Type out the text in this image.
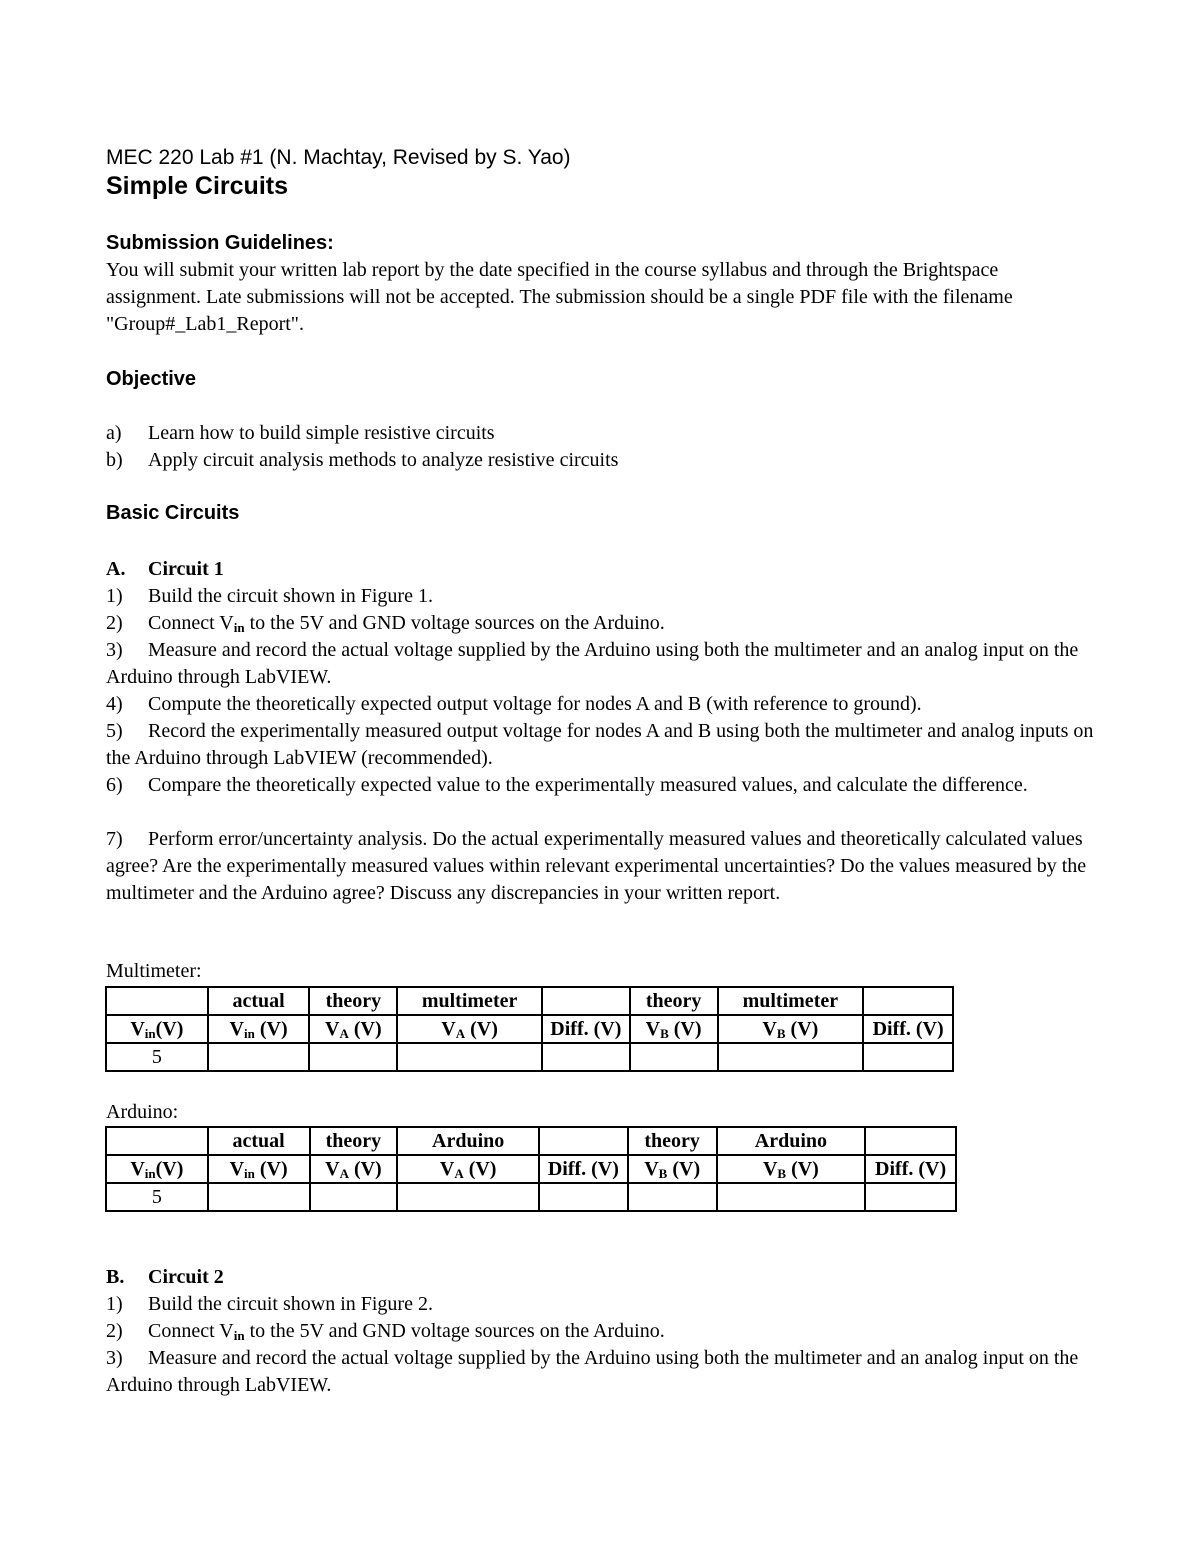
MEC 220 Lab #1 (N. Machtay, Revised by S. Yao)
Simple Circuits
Submission Guidelines:
You will submit your written lab report by the date specified in the course syllabus and through the Brightspace assignment. Late submissions will not be accepted. The submission should be a single PDF file with the filename "Group#_Lab1_Report".
Objective
a) Learn how to build simple resistive circuits
b) Apply circuit analysis methods to analyze resistive circuits
Basic Circuits
A. Circuit 1
1) Build the circuit shown in Figure 1.
2) Connect $V_{in}$ to the 5V and GND voltage sources on the Arduino.
3) Measure and record the actual voltage supplied by the Arduino using both the multimeter and an analog input on the Arduino through LabVIEW.
4) Compute the theoretically expected output voltage for nodes A and B (with reference to ground).
5) Record the experimentally measured output voltage for nodes A and B using both the multimeter and analog inputs on the Arduino through LabVIEW (recommended).
6) Compare the theoretically expected value to the experimentally measured values, and calculate the difference.
7) Perform error/uncertainty analysis. Do the actual experimentally measured values and theoretically calculated values agree? Are the experimentally measured values within relevant experimental uncertainties? Do the values measured by the multimeter and the Arduino agree? Discuss any discrepancies in your written report.
Multimeter:
	actual	theory	multimeter		theory	multimeter	
$V_{in}(V)$	$V_{in}$ (V)	$V_A$ (V)	$V_A$ (V)	Diff. (V)	$V_B$ (V)	$V_B$ (V)	Diff. (V)
5							
Arduino:
	actual	theory	Arduino		theory	Arduino	
$V_{in}(V)$	$V_{in}$ (V)	$V_A$ (V)	$V_A$ (V)	Diff. (V)	$V_B$ (V)	$V_B$ (V)	Diff. (V)
5							
B. Circuit 2
1) Build the circuit shown in Figure 2.
2) Connect $V_{in}$ to the 5V and GND voltage sources on the Arduino.
3) Measure and record the actual voltage supplied by the Arduino using both the multimeter and an analog input on the Arduino through LabVIEW.
